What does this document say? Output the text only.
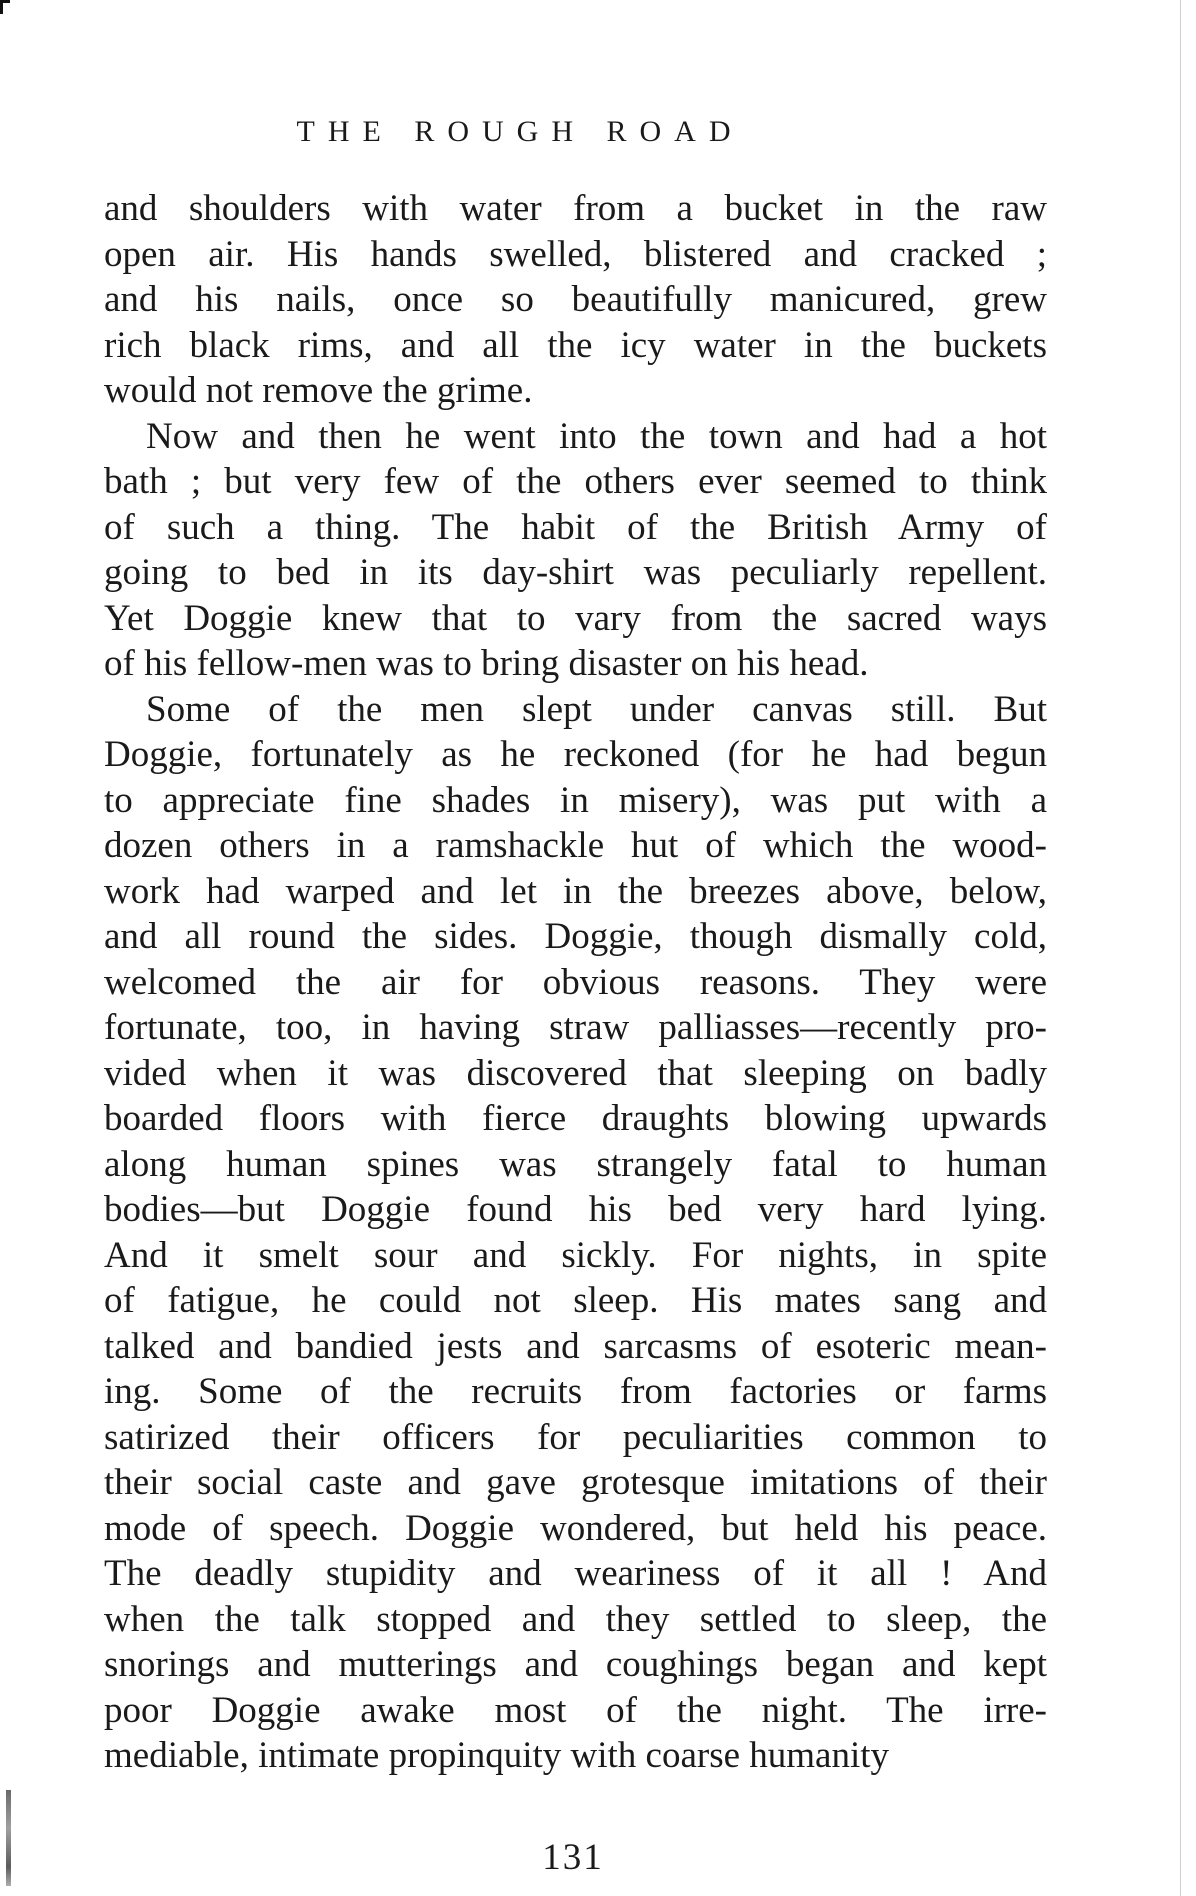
THE ROUGH ROAD
and shoulders with water from a bucket in the raw
open air. His hands swelled, blistered and cracked ;
and his nails, once so beautifully manicured, grew
rich black rims, and all the icy water in the buckets
would not remove the grime.
Now and then he went into the town and had a hot
bath ; but very few of the others ever seemed to think
of such a thing. The habit of the British Army of
going to bed in its day-shirt was peculiarly repellent.
Yet Doggie knew that to vary from the sacred ways
of his fellow-men was to bring disaster on his head.
Some of the men slept under canvas still. But
Doggie, fortunately as he reckoned (for he had begun
to appreciate fine shades in misery), was put with a
dozen others in a ramshackle hut of which the wood-
work had warped and let in the breezes above, below,
and all round the sides. Doggie, though dismally cold,
welcomed the air for obvious reasons. They were
fortunate, too, in having straw palliasses—recently pro-
vided when it was discovered that sleeping on badly
boarded floors with fierce draughts blowing upwards
along human spines was strangely fatal to human
bodies—but Doggie found his bed very hard lying.
And it smelt sour and sickly. For nights, in spite
of fatigue, he could not sleep. His mates sang and
talked and bandied jests and sarcasms of esoteric mean-
ing. Some of the recruits from factories or farms
satirized their officers for peculiarities common to
their social caste and gave grotesque imitations of their
mode of speech. Doggie wondered, but held his peace.
The deadly stupidity and weariness of it all ! And
when the talk stopped and they settled to sleep, the
snorings and mutterings and coughings began and kept
poor Doggie awake most of the night. The irre-
mediable, intimate propinquity with coarse humanity
131
